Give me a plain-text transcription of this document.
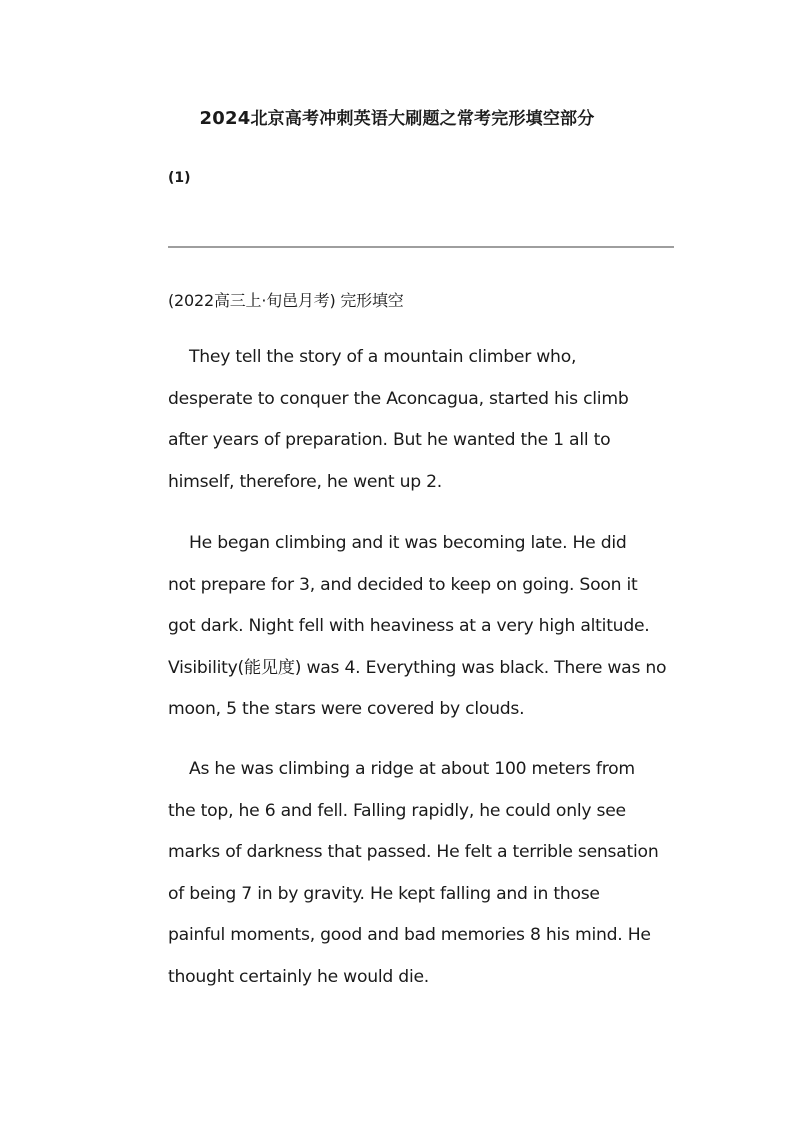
2024北京高考冲刺英语大刷题之常考完形填空部分
(1)
(2022高三上·旬邑月考) 完形填空

They tell the story of a mountain climber who,
desperate to conquer the Aconcagua, started his climb
after years of preparation. But he wanted the 1 all to
himself, therefore, he went up 2.

He began climbing and it was becoming late. He did
not prepare for 3, and decided to keep on going. Soon it
got dark. Night fell with heaviness at a very high altitude.
Visibility(能见度) was 4. Everything was black. There was no
moon, 5 the stars were covered by clouds.

As he was climbing a ridge at about 100 meters from
the top, he 6 and fell. Falling rapidly, he could only see
marks of darkness that passed. He felt a terrible sensation
of being 7 in by gravity. He kept falling and in those
painful moments, good and bad memories 8 his mind. He
thought certainly he would die.
